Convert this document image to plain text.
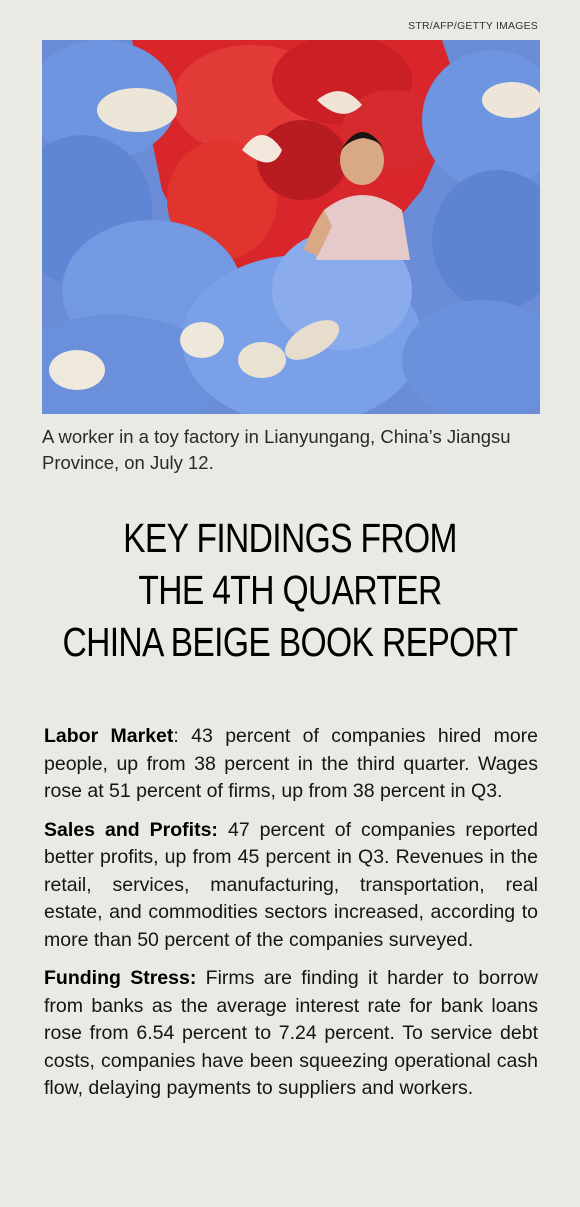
STR/AFP/GETTY IMAGES
A worker in a toy factory in Lianyungang, China’s Jiangsu Province, on July 12.
KEY FINDINGS FROM
THE 4TH QUARTER
CHINA BEIGE BOOK REPORT

Labor Market: 43 percent of companies hired more people, up from 38 percent in the third quarter. Wages rose at 51 percent of firms, up from 38 percent in Q3.

Sales and Profits: 47 percent of companies reported better profits, up from 45 percent in Q3. Revenues in the retail, services, manufacturing, transportation, real estate, and commodities sectors increased, according to more than 50 percent of the companies surveyed.

Funding Stress: Firms are finding it harder to borrow from banks as the average interest rate for bank loans rose from 6.54 percent to 7.24 percent. To service debt costs, companies have been squeezing operational cash flow, delaying payments to suppliers and workers.
